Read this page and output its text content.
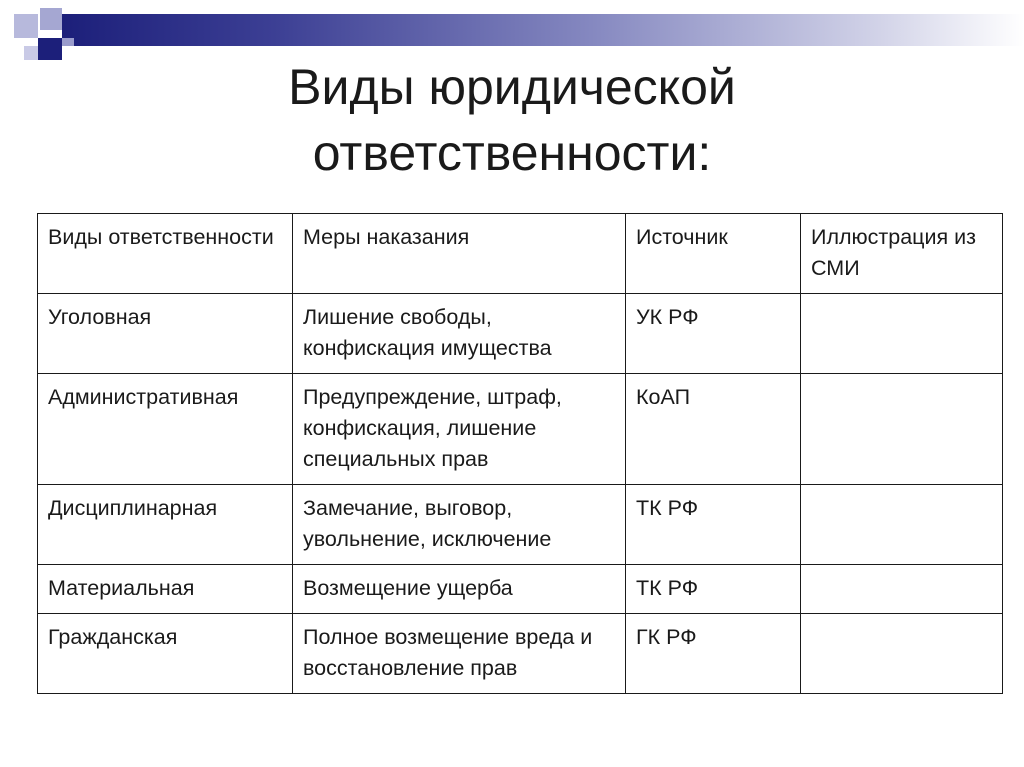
Виды юридической
ответственности:
Виды ответственности	Меры наказания	Источник	Иллюстрация из СМИ
Уголовная	Лишение свободы, конфискация имущества	УК РФ	
Административная	Предупреждение, штраф, конфискация, лишение специальных прав	КоАП	
Дисциплинарная	Замечание, выговор, увольнение, исключение	ТК РФ	
Материальная	Возмещение ущерба	ТК РФ	
Гражданская	Полное возмещение вреда и восстановление прав	ГК РФ	
